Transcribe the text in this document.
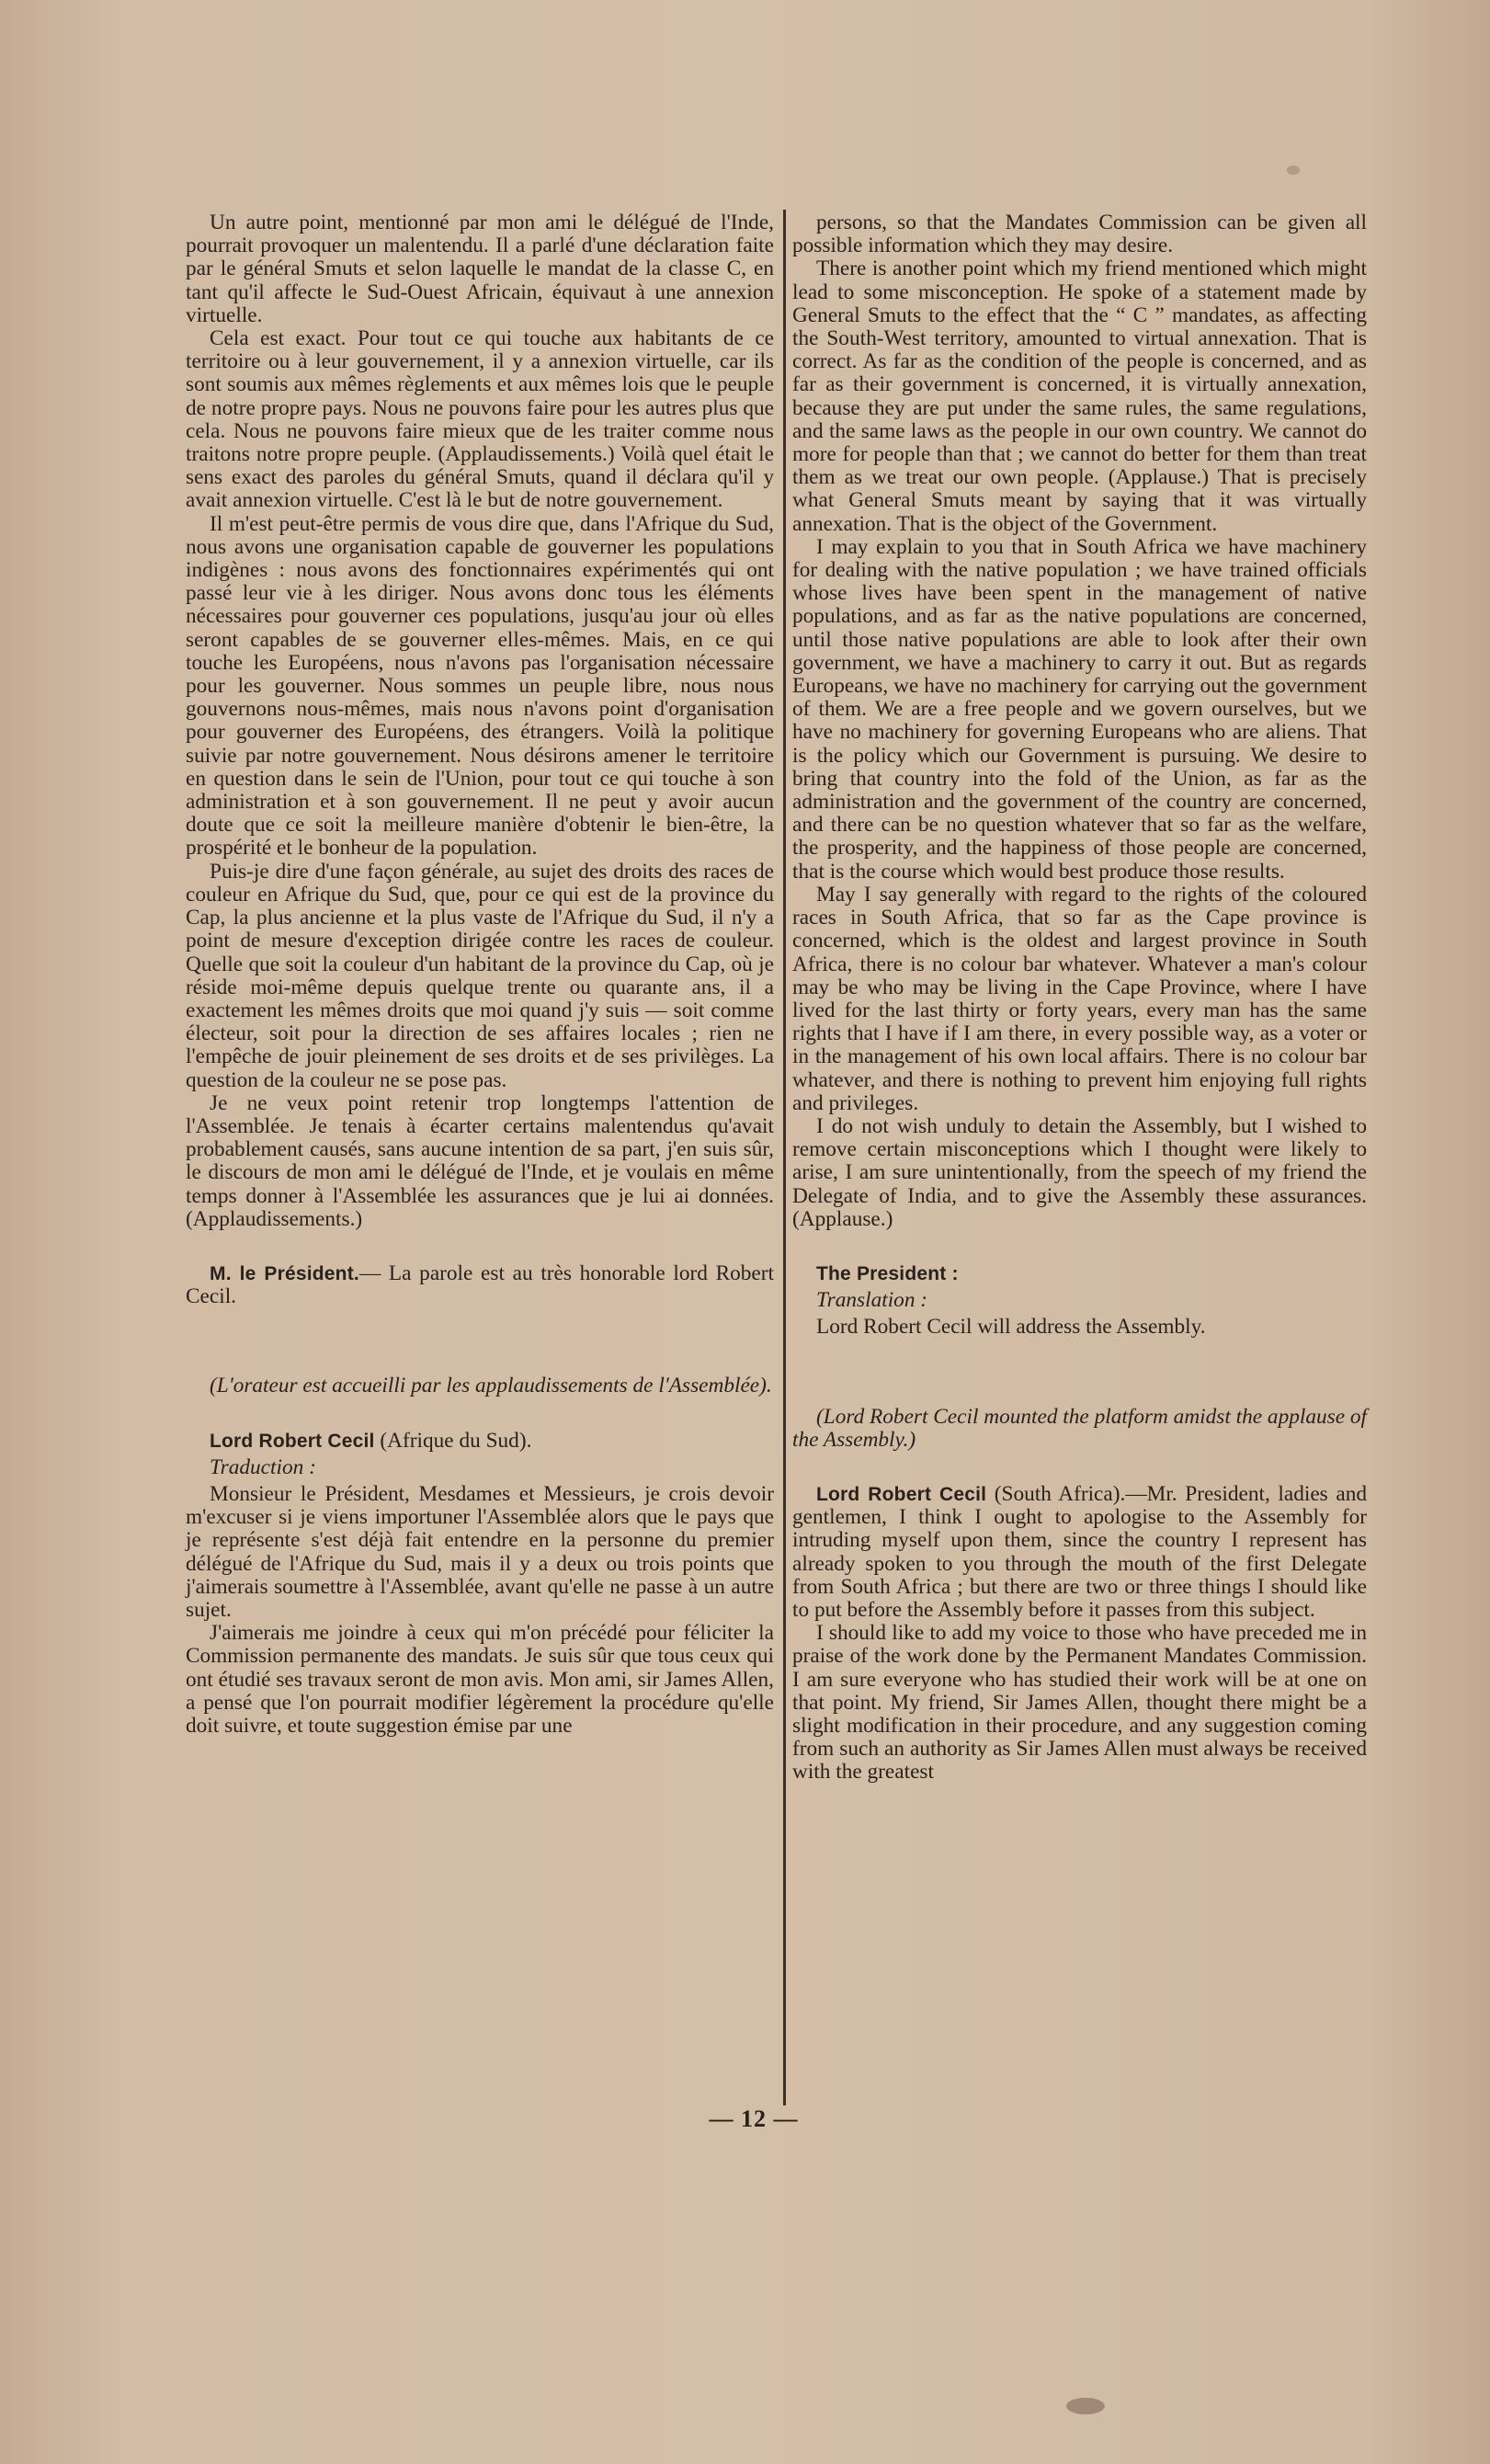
Un autre point, mentionné par mon ami le délégué de l'Inde, pourrait provoquer un malentendu. Il a parlé d'une déclaration faite par le général Smuts et selon laquelle le mandat de la classe C, en tant qu'il affecte le Sud-Ouest Africain, équivaut à une annexion virtuelle.

Cela est exact. Pour tout ce qui touche aux habitants de ce territoire ou à leur gouvernement, il y a annexion virtuelle, car ils sont soumis aux mêmes règlements et aux mêmes lois que le peuple de notre propre pays. Nous ne pouvons faire pour les autres plus que cela. Nous ne pouvons faire mieux que de les traiter comme nous traitons notre propre peuple. (Applaudissements.) Voilà quel était le sens exact des paroles du général Smuts, quand il déclara qu'il y avait annexion virtuelle. C'est là le but de notre gouvernement.

Il m'est peut-être permis de vous dire que, dans l'Afrique du Sud, nous avons une organisation capable de gouverner les populations indigènes : nous avons des fonctionnaires expérimentés qui ont passé leur vie à les diriger. Nous avons donc tous les éléments nécessaires pour gouverner ces populations, jusqu'au jour où elles seront capables de se gouverner elles-mêmes. Mais, en ce qui touche les Européens, nous n'avons pas l'organisation nécessaire pour les gouverner. Nous sommes un peuple libre, nous nous gouvernons nous-mêmes, mais nous n'avons point d'organisation pour gouverner des Européens, des étrangers. Voilà la politique suivie par notre gouvernement. Nous désirons amener le territoire en question dans le sein de l'Union, pour tout ce qui touche à son administration et à son gouvernement. Il ne peut y avoir aucun doute que ce soit la meilleure manière d'obtenir le bien-être, la prospérité et le bonheur de la population.

Puis-je dire d'une façon générale, au sujet des droits des races de couleur en Afrique du Sud, que, pour ce qui est de la province du Cap, la plus ancienne et la plus vaste de l'Afrique du Sud, il n'y a point de mesure d'exception dirigée contre les races de couleur. Quelle que soit la couleur d'un habitant de la province du Cap, où je réside moi-même depuis quelque trente ou quarante ans, il a exactement les mêmes droits que moi quand j'y suis — soit comme électeur, soit pour la direction de ses affaires locales ; rien ne l'empêche de jouir pleinement de ses droits et de ses privilèges. La question de la couleur ne se pose pas.

Je ne veux point retenir trop longtemps l'attention de l'Assemblée. Je tenais à écarter certains malentendus qu'avait probablement causés, sans aucune intention de sa part, j'en suis sûr, le discours de mon ami le délégué de l'Inde, et je voulais en même temps donner à l'Assemblée les assurances que je lui ai données. (Applaudissements.)

M. le Président.— La parole est au très honorable lord Robert Cecil.

(L'orateur est accueilli par les applaudissements de l'Assemblée).

Lord Robert Cecil (Afrique du Sud).

Traduction :

Monsieur le Président, Mesdames et Messieurs, je crois devoir m'excuser si je viens importuner l'Assemblée alors que le pays que je représente s'est déjà fait entendre en la personne du premier délégué de l'Afrique du Sud, mais il y a deux ou trois points que j'aimerais soumettre à l'Assemblée, avant qu'elle ne passe à un autre sujet.

J'aimerais me joindre à ceux qui m'on précédé pour féliciter la Commission permanente des mandats. Je suis sûr que tous ceux qui ont étudié ses travaux seront de mon avis. Mon ami, sir James Allen, a pensé que l'on pourrait modifier légèrement la procédure qu'elle doit suivre, et toute suggestion émise par une

persons, so that the Mandates Commission can be given all possible information which they may desire.

There is another point which my friend mentioned which might lead to some misconception. He spoke of a statement made by General Smuts to the effect that the “ C ” mandates, as affecting the South-West territory, amounted to virtual annexation. That is correct. As far as the condition of the people is concerned, and as far as their government is concerned, it is virtually annexation, because they are put under the same rules, the same regulations, and the same laws as the people in our own country. We cannot do more for people than that ; we cannot do better for them than treat them as we treat our own people. (Applause.) That is precisely what General Smuts meant by saying that it was virtually annexation. That is the object of the Government.

I may explain to you that in South Africa we have machinery for dealing with the native population ; we have trained officials whose lives have been spent in the management of native populations, and as far as the native populations are concerned, until those native populations are able to look after their own government, we have a machinery to carry it out. But as regards Europeans, we have no machinery for carrying out the government of them. We are a free people and we govern ourselves, but we have no machinery for governing Europeans who are aliens. That is the policy which our Government is pursuing. We desire to bring that country into the fold of the Union, as far as the administration and the government of the country are concerned, and there can be no question whatever that so far as the welfare, the prosperity, and the happiness of those people are concerned, that is the course which would best produce those results.

May I say generally with regard to the rights of the coloured races in South Africa, that so far as the Cape province is concerned, which is the oldest and largest province in South Africa, there is no colour bar whatever. Whatever a man's colour may be who may be living in the Cape Province, where I have lived for the last thirty or forty years, every man has the same rights that I have if I am there, in every possible way, as a voter or in the management of his own local affairs. There is no colour bar whatever, and there is nothing to prevent him enjoying full rights and privileges.

I do not wish unduly to detain the Assembly, but I wished to remove certain misconceptions which I thought were likely to arise, I am sure unintentionally, from the speech of my friend the Delegate of India, and to give the Assembly these assurances. (Applause.)

The President :

Translation :

Lord Robert Cecil will address the Assembly.

(Lord Robert Cecil mounted the platform amidst the applause of the Assembly.)

Lord Robert Cecil (South Africa).—Mr. President, ladies and gentlemen, I think I ought to apologise to the Assembly for intruding myself upon them, since the country I represent has already spoken to you through the mouth of the first Delegate from South Africa ; but there are two or three things I should like to put before the Assembly before it passes from this subject.

I should like to add my voice to those who have preceded me in praise of the work done by the Permanent Mandates Commission. I am sure everyone who has studied their work will be at one on that point. My friend, Sir James Allen, thought there might be a slight modification in their procedure, and any suggestion coming from such an authority as Sir James Allen must always be received with the greatest

— 12 —
